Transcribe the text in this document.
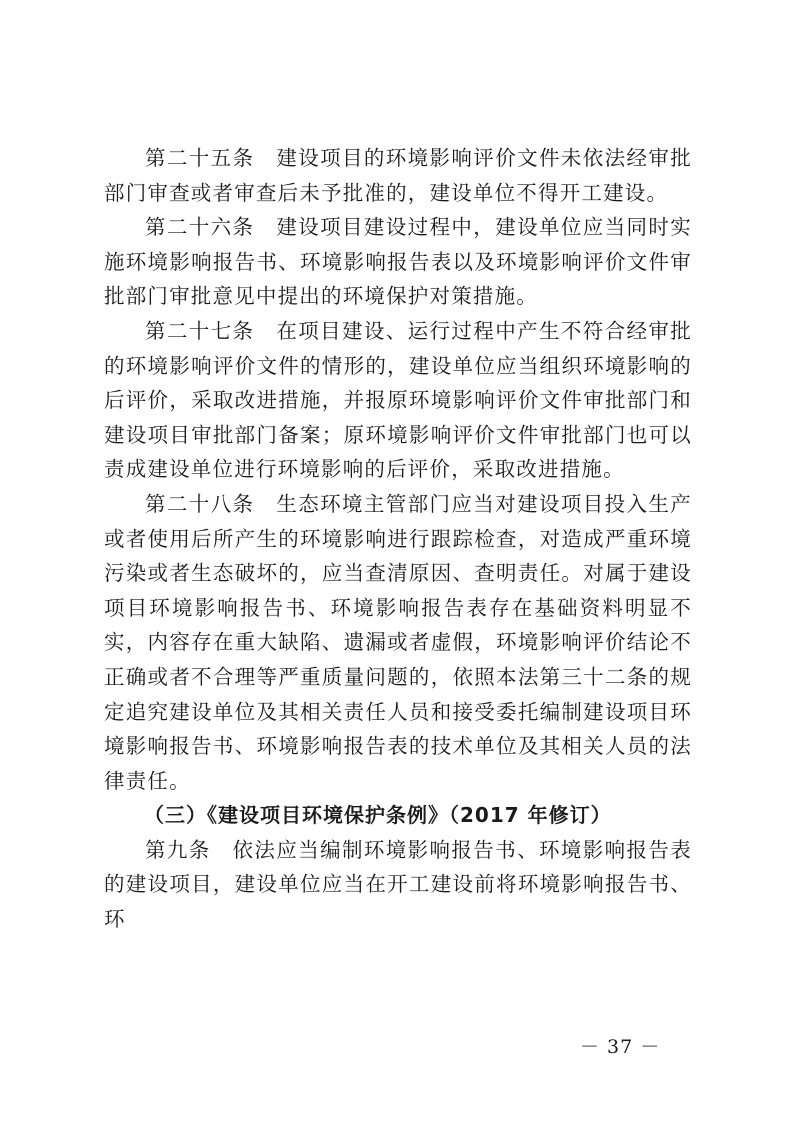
第二十五条　建设项目的环境影响评价文件未依法经审批部门审查或者审查后未予批准的，建设单位不得开工建设。

第二十六条　建设项目建设过程中，建设单位应当同时实施环境影响报告书、环境影响报告表以及环境影响评价文件审批部门审批意见中提出的环境保护对策措施。

第二十七条　在项目建设、运行过程中产生不符合经审批的环境影响评价文件的情形的，建设单位应当组织环境影响的后评价，采取改进措施，并报原环境影响评价文件审批部门和建设项目审批部门备案；原环境影响评价文件审批部门也可以责成建设单位进行环境影响的后评价，采取改进措施。

第二十八条　生态环境主管部门应当对建设项目投入生产或者使用后所产生的环境影响进行跟踪检查，对造成严重环境污染或者生态破坏的，应当查清原因、查明责任。对属于建设项目环境影响报告书、环境影响报告表存在基础资料明显不实，内容存在重大缺陷、遗漏或者虚假，环境影响评价结论不正确或者不合理等严重质量问题的，依照本法第三十二条的规定追究建设单位及其相关责任人员和接受委托编制建设项目环境影响报告书、环境影响报告表的技术单位及其相关人员的法律责任。

（三）《建设项目环境保护条例》（2017 年修订）

第九条　依法应当编制环境影响报告书、环境影响报告表的建设项目，建设单位应当在开工建设前将环境影响报告书、环

－ 37 －
